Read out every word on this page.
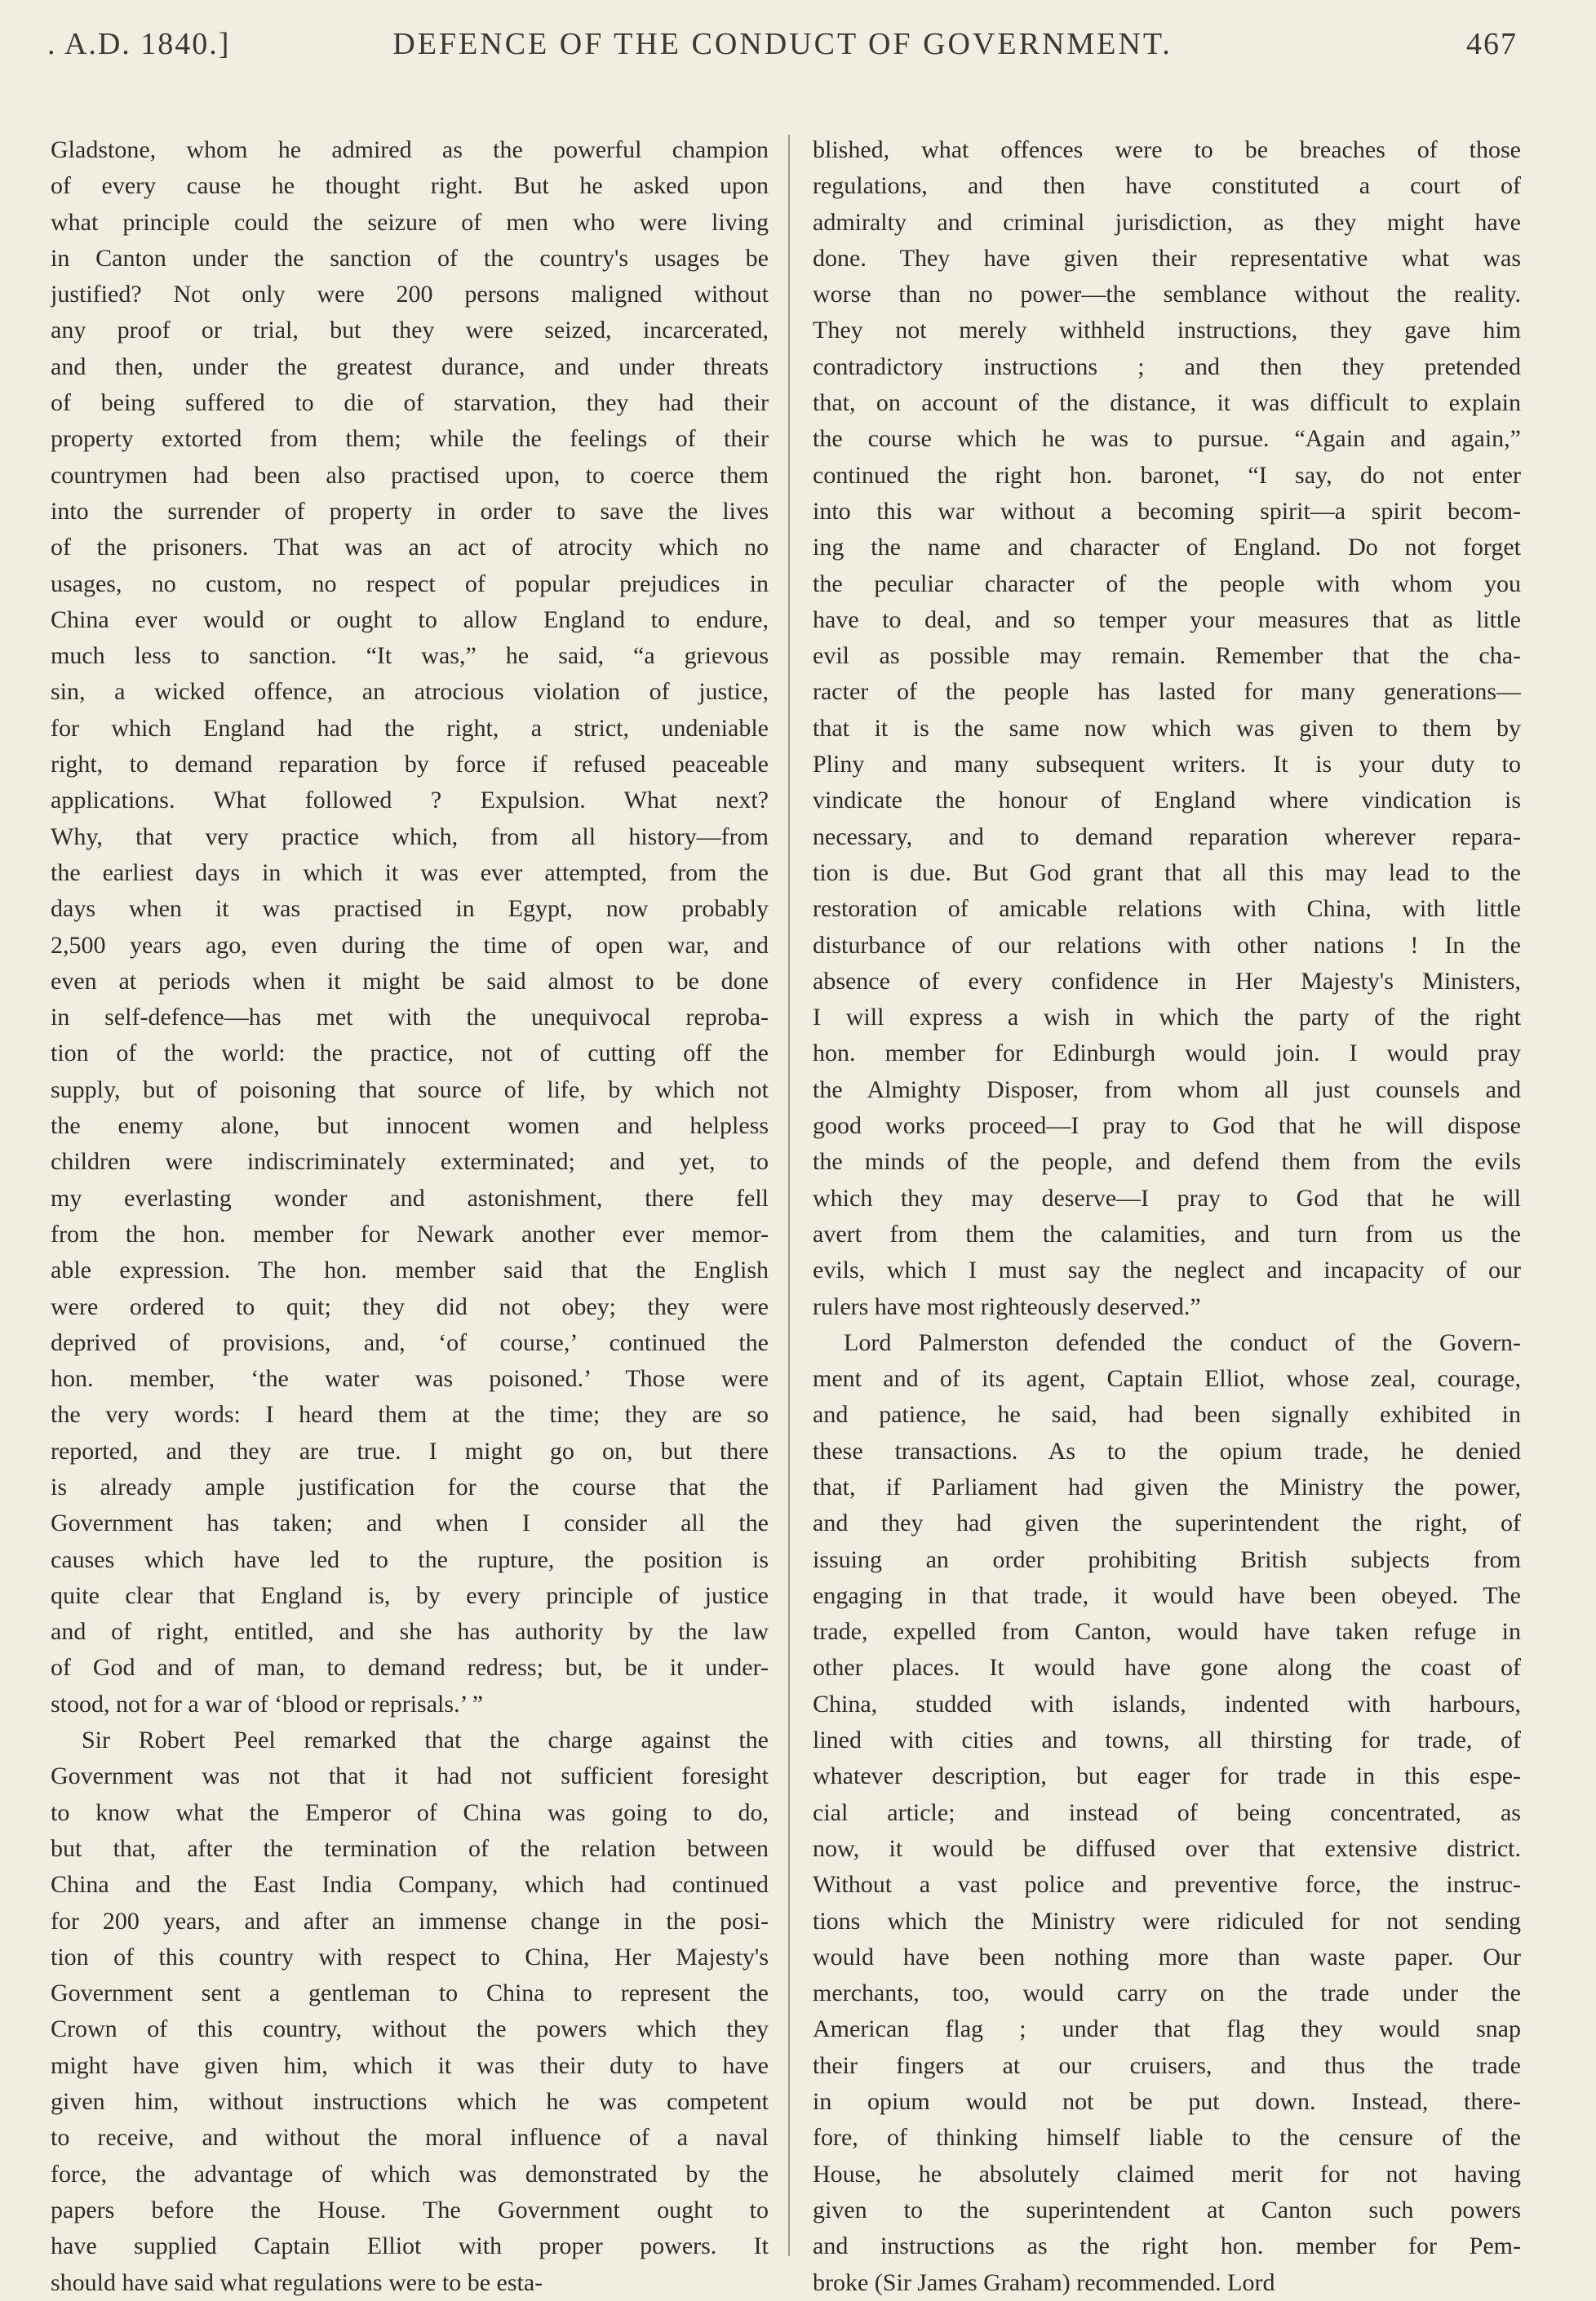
. A.D. 1840.]	DEFENCE OF THE CONDUCT OF GOVERNMENT.	467
Gladstone, whom he admired as the powerful champion
of every cause he thought right. But he asked upon
what principle could the seizure of men who were living
in Canton under the sanction of the country's usages be
justified? Not only were 200 persons maligned without
any proof or trial, but they were seized, incarcerated,
and then, under the greatest durance, and under threats
of being suffered to die of starvation, they had their
property extorted from them; while the feelings of their
countrymen had been also practised upon, to coerce them
into the surrender of property in order to save the lives
of the prisoners. That was an act of atrocity which no
usages, no custom, no respect of popular prejudices in
China ever would or ought to allow England to endure,
much less to sanction. “It was,” he said, “a grievous
sin, a wicked offence, an atrocious violation of justice,
for which England had the right, a strict, undeniable
right, to demand reparation by force if refused peaceable
applications. What followed ? Expulsion. What next?
Why, that very practice which, from all history—from
the earliest days in which it was ever attempted, from the
days when it was practised in Egypt, now probably
2,500 years ago, even during the time of open war, and
even at periods when it might be said almost to be done
in self-defence—has met with the unequivocal reproba-
tion of the world: the practice, not of cutting off the
supply, but of poisoning that source of life, by which not
the enemy alone, but innocent women and helpless
children were indiscriminately exterminated; and yet, to
my everlasting wonder and astonishment, there fell
from the hon. member for Newark another ever memor-
able expression. The hon. member said that the English
were ordered to quit; they did not obey; they were
deprived of provisions, and, ‘of course,’ continued the
hon. member, ‘the water was poisoned.’ Those were
the very words: I heard them at the time; they are so
reported, and they are true. I might go on, but there
is already ample justification for the course that the
Government has taken; and when I consider all the
causes which have led to the rupture, the position is
quite clear that England is, by every principle of justice
and of right, entitled, and she has authority by the law
of God and of man, to demand redress; but, be it under-
stood, not for a war of ‘blood or reprisals.’ ”
Sir Robert Peel remarked that the charge against the
Government was not that it had not sufficient foresight
to know what the Emperor of China was going to do,
but that, after the termination of the relation between
China and the East India Company, which had continued
for 200 years, and after an immense change in the posi-
tion of this country with respect to China, Her Majesty's
Government sent a gentleman to China to represent the
Crown of this country, without the powers which they
might have given him, which it was their duty to have
given him, without instructions which he was competent
to receive, and without the moral influence of a naval
force, the advantage of which was demonstrated by the
papers before the House. The Government ought to
have supplied Captain Elliot with proper powers. It
should have said what regulations were to be esta-
blished, what offences were to be breaches of those
regulations, and then have constituted a court of
admiralty and criminal jurisdiction, as they might have
done. They have given their representative what was
worse than no power—the semblance without the reality.
They not merely withheld instructions, they gave him
contradictory instructions ; and then they pretended
that, on account of the distance, it was difficult to explain
the course which he was to pursue. “Again and again,”
continued the right hon. baronet, “I say, do not enter
into this war without a becoming spirit—a spirit becom-
ing the name and character of England. Do not forget
the peculiar character of the people with whom you
have to deal, and so temper your measures that as little
evil as possible may remain. Remember that the cha-
racter of the people has lasted for many generations—
that it is the same now which was given to them by
Pliny and many subsequent writers. It is your duty to
vindicate the honour of England where vindication is
necessary, and to demand reparation wherever repara-
tion is due. But God grant that all this may lead to the
restoration of amicable relations with China, with little
disturbance of our relations with other nations ! In the
absence of every confidence in Her Majesty's Ministers,
I will express a wish in which the party of the right
hon. member for Edinburgh would join. I would pray
the Almighty Disposer, from whom all just counsels and
good works proceed—I pray to God that he will dispose
the minds of the people, and defend them from the evils
which they may deserve—I pray to God that he will
avert from them the calamities, and turn from us the
evils, which I must say the neglect and incapacity of our
rulers have most righteously deserved.”
Lord Palmerston defended the conduct of the Govern-
ment and of its agent, Captain Elliot, whose zeal, courage,
and patience, he said, had been signally exhibited in
these transactions. As to the opium trade, he denied
that, if Parliament had given the Ministry the power,
and they had given the superintendent the right, of
issuing an order prohibiting British subjects from
engaging in that trade, it would have been obeyed. The
trade, expelled from Canton, would have taken refuge in
other places. It would have gone along the coast of
China, studded with islands, indented with harbours,
lined with cities and towns, all thirsting for trade, of
whatever description, but eager for trade in this espe-
cial article; and instead of being concentrated, as
now, it would be diffused over that extensive district.
Without a vast police and preventive force, the instruc-
tions which the Ministry were ridiculed for not sending
would have been nothing more than waste paper. Our
merchants, too, would carry on the trade under the
American flag ; under that flag they would snap
their fingers at our cruisers, and thus the trade
in opium would not be put down. Instead, there-
fore, of thinking himself liable to the censure of the
House, he absolutely claimed merit for not having
given to the superintendent at Canton such powers
and instructions as the right hon. member for Pem-
broke (Sir James Graham) recommended. Lord
